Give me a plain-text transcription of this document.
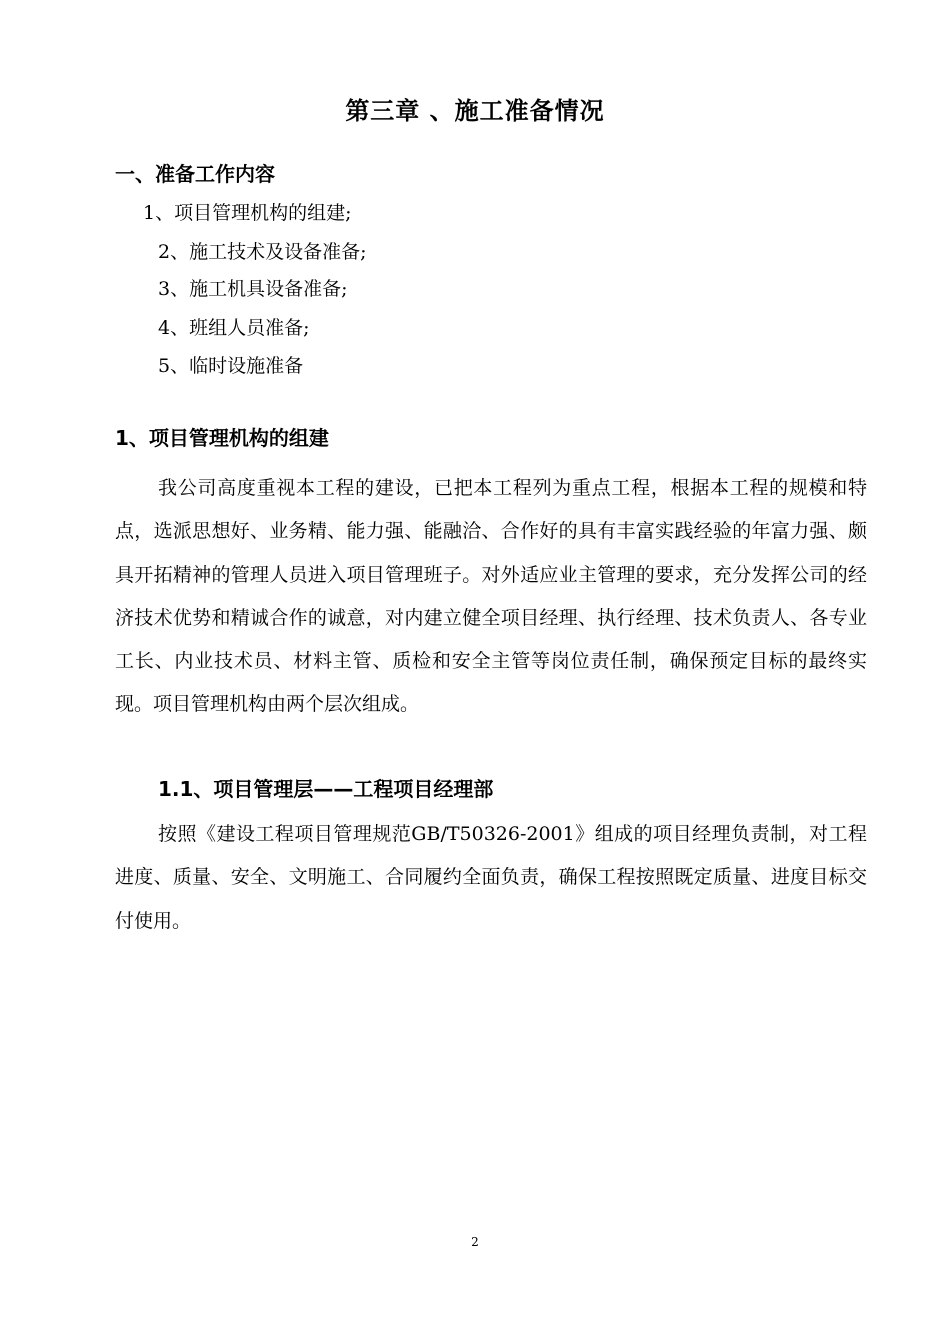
第三章 、施工准备情况
一、准备工作内容
1、项目管理机构的组建;
2、施工技术及设备准备;
3、施工机具设备准备;
4、班组人员准备;
5、临时设施准备
1、项目管理机构的组建

我公司高度重视本工程的建设，已把本工程列为重点工程，根据本工程的规模和特点，选派思想好、业务精、能力强、能融洽、合作好的具有丰富实践经验的年富力强、颇具开拓精神的管理人员进入项目管理班子。对外适应业主管理的要求，充分发挥公司的经济技术优势和精诚合作的诚意，对内建立健全项目经理、执行经理、技术负责人、各专业工长、内业技术员、材料主管、质检和安全主管等岗位责任制，确保预定目标的最终实现。项目管理机构由两个层次组成。

1.1、项目管理层——工程项目经理部

按照《建设工程项目管理规范GB/T50326-2001》组成的项目经理负责制，对工程进度、质量、安全、文明施工、合同履约全面负责，确保工程按照既定质量、进度目标交付使用。

2
